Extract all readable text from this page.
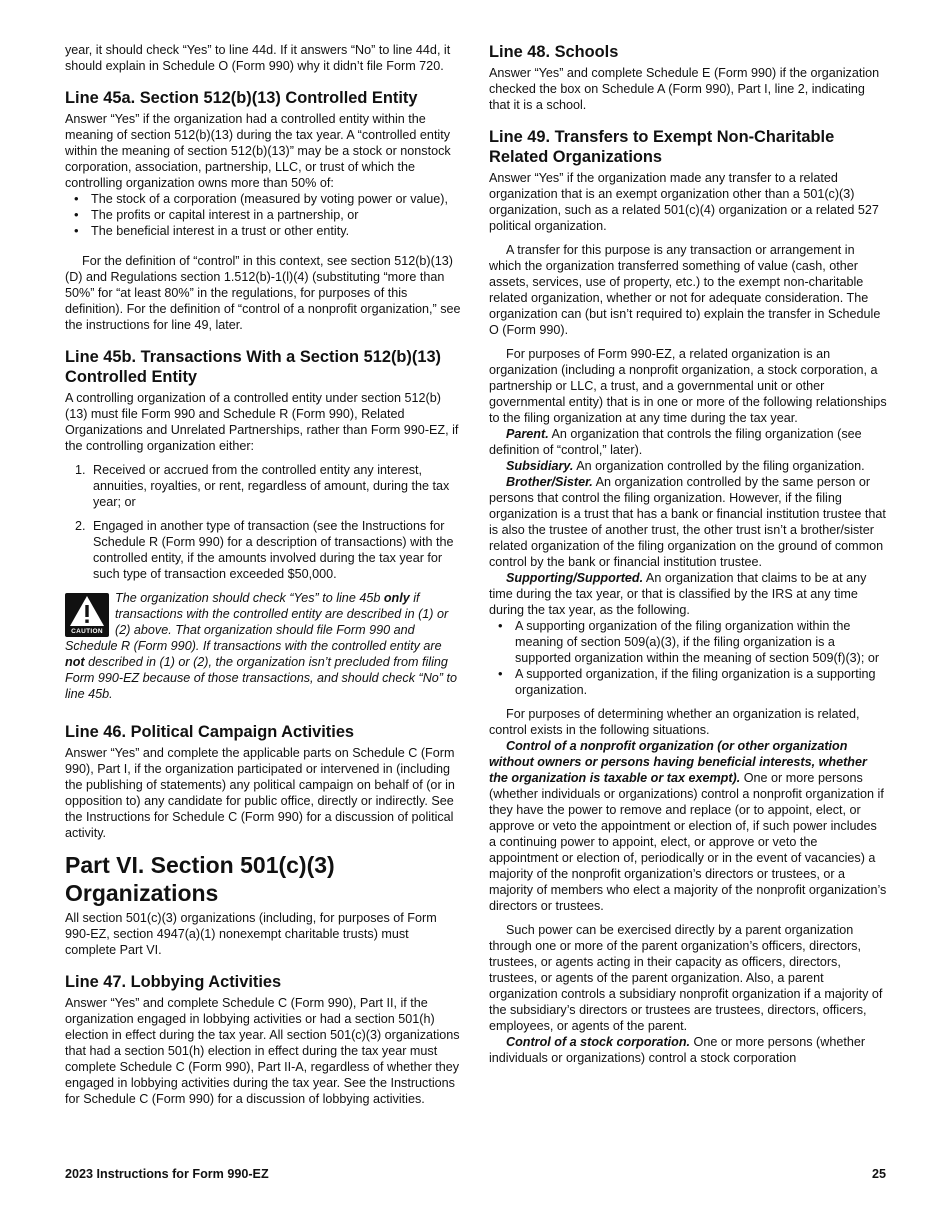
year, it should check “Yes” to line 44d. If it answers “No” to line 44d, it should explain in Schedule O (Form 990) why it didn’t file Form 720.

Line 45a. Section 512(b)(13) Controlled Entity

Answer “Yes” if the organization had a controlled entity within the meaning of section 512(b)(13) during the tax year. A “controlled entity within the meaning of section 512(b)(13)” may be a stock or nonstock corporation, association, partnership, LLC, or trust of which the controlling organization owns more than 50% of:

• The stock of a corporation (measured by voting power or value),
• The profits or capital interest in a partnership, or
• The beneficial interest in a trust or other entity.

For the definition of “control” in this context, see section 512(b)(13)(D) and Regulations section 1.512(b)-1(l)(4) (substituting “more than 50%” for “at least 80%” in the regulations, for purposes of this definition). For the definition of “control of a nonprofit organization,” see the instructions for line 49, later.

Line 45b. Transactions With a Section 512(b)(13) Controlled Entity

A controlling organization of a controlled entity under section 512(b)(13) must file Form 990 and Schedule R (Form 990), Related Organizations and Unrelated Partnerships, rather than Form 990-EZ, if the controlling organization either:

1. Received or accrued from the controlled entity any interest, annuities, royalties, or rent, regardless of amount, during the tax year; or
2. Engaged in another type of transaction (see the Instructions for Schedule R (Form 990) for a description of transactions) with the controlled entity, if the amounts involved during the tax year for such type of transaction exceeded $50,000.
CAUTION
The organization should check “Yes” to line 45b only if transactions with the controlled entity are described in (1) or (2) above. That organization should file Form 990 and Schedule R (Form 990). If transactions with the controlled entity are not described in (1) or (2), the organization isn’t precluded from filing Form 990-EZ because of those transactions, and should check “No” to line 45b.
Line 46. Political Campaign Activities

Answer “Yes” and complete the applicable parts on Schedule C (Form 990), Part I, if the organization participated or intervened in (including the publishing of statements) any political campaign on behalf of (or in opposition to) any candidate for public office, directly or indirectly. See the Instructions for Schedule C (Form 990) for a discussion of political activity.

Part VI. Section 501(c)(3) Organizations

All section 501(c)(3) organizations (including, for purposes of Form 990-EZ, section 4947(a)(1) nonexempt charitable trusts) must complete Part VI.

Line 47. Lobbying Activities

Answer “Yes” and complete Schedule C (Form 990), Part II, if the organization engaged in lobbying activities or had a section 501(h) election in effect during the tax year. All section 501(c)(3) organizations that had a section 501(h) election in effect during the tax year must complete Schedule C (Form 990), Part II-A, regardless of whether they engaged in lobbying activities during the tax year. See the Instructions for Schedule C (Form 990) for a discussion of lobbying activities.

Line 48. Schools

Answer “Yes” and complete Schedule E (Form 990) if the organization checked the box on Schedule A (Form 990), Part I, line 2, indicating that it is a school.

Line 49. Transfers to Exempt Non-Charitable Related Organizations

Answer “Yes” if the organization made any transfer to a related organization that is an exempt organization other than a 501(c)(3) organization, such as a related 501(c)(4) organization or a related 527 political organization.

A transfer for this purpose is any transaction or arrangement in which the organization transferred something of value (cash, other assets, services, use of property, etc.) to the exempt non-charitable related organization, whether or not for adequate consideration. The organization can (but isn’t required to) explain the transfer in Schedule O (Form 990).

For purposes of Form 990-EZ, a related organization is an organization (including a nonprofit organization, a stock corporation, a partnership or LLC, a trust, and a governmental unit or other governmental entity) that is in one or more of the following relationships to the filing organization at any time during the tax year.

Parent. An organization that controls the filing organization (see definition of “control,” later).

Subsidiary. An organization controlled by the filing organization.

Brother/Sister. An organization controlled by the same person or persons that control the filing organization. However, if the filing organization is a trust that has a bank or financial institution trustee that is also the trustee of another trust, the other trust isn’t a brother/sister related organization of the filing organization on the ground of common control by the bank or financial institution trustee.

Supporting/Supported. An organization that claims to be at any time during the tax year, or that is classified by the IRS at any time during the tax year, as the following.

• A supporting organization of the filing organization within the meaning of section 509(a)(3), if the filing organization is a supported organization within the meaning of section 509(f)(3); or
• A supported organization, if the filing organization is a supporting organization.

For purposes of determining whether an organization is related, control exists in the following situations.

Control of a nonprofit organization (or other organization without owners or persons having beneficial interests, whether the organization is taxable or tax exempt). One or more persons (whether individuals or organizations) control a nonprofit organization if they have the power to remove and replace (or to appoint, elect, or approve or veto the appointment or election of, if such power includes a continuing power to appoint, elect, or approve or veto the appointment or election of, periodically or in the event of vacancies) a majority of the nonprofit organization’s directors or trustees, or a majority of members who elect a majority of the nonprofit organization’s directors or trustees.

Such power can be exercised directly by a parent organization through one or more of the parent organization’s officers, directors, trustees, or agents acting in their capacity as officers, directors, trustees, or agents of the parent organization. Also, a parent organization controls a subsidiary nonprofit organization if a majority of the subsidiary’s directors or trustees are trustees, directors, officers, employees, or agents of the parent.

Control of a stock corporation. One or more persons (whether individuals or organizations) control a stock corporation

2023 Instructions for Form 990-EZ	25
